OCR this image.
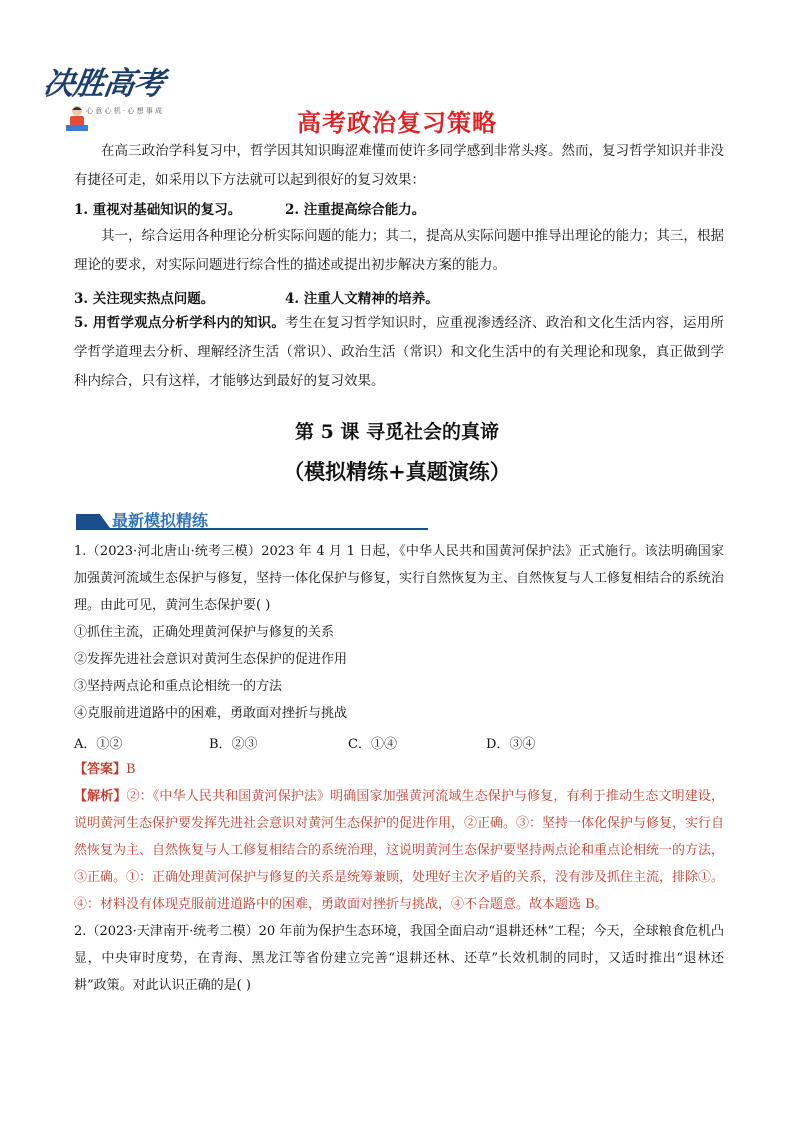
决胜高考
心 意 心 机 · 心 想 事 成	高考政治复习策略

在高三政治学科复习中，哲学因其知识晦涩难懂而使许多同学感到非常头疼。然而，复习哲学知识并非没有捷径可走，如采用以下方法就可以起到很好的复习效果：

1. 重视对基础知识的复习。	2. 注重提高综合能力。

其一，综合运用各种理论分析实际问题的能力；其二，提高从实际问题中推导出理论的能力；其三，根据理论的要求，对实际问题进行综合性的描述或提出初步解决方案的能力。

3. 关注现实热点问题。	4. 注重人文精神的培养。

5. 用哲学观点分析学科内的知识。考生在复习哲学知识时，应重视渗透经济、政治和文化生活内容，运用所学哲学道理去分析、理解经济生活（常识）、政治生活（常识）和文化生活中的有关理论和现象，真正做到学科内综合，只有这样，才能够达到最好的复习效果。

第 5 课 寻觅社会的真谛
（模拟精练+真题演练）
最新模拟精练

1.（2023·河北唐山·统考三模）2023 年 4 月 1 日起，《中华人民共和国黄河保护法》正式施行。该法明确国家加强黄河流域生态保护与修复，坚持一体化保护与修复，实行自然恢复为主、自然恢复与人工修复相结合的系统治理。由此可见，黄河生态保护要( )

①抓住主流，正确处理黄河保护与修复的关系
②发挥先进社会意识对黄河生态保护的促进作用
③坚持两点论和重点论相统一的方法
④克服前进道路中的困难，勇敢面对挫折与挑战
A．①②	B．②③	C．①④	D．③④
【答案】B

【解析】②：《中华人民共和国黄河保护法》明确国家加强黄河流域生态保护与修复，有利于推动生态文明建设，说明黄河生态保护要发挥先进社会意识对黄河生态保护的促进作用，②正确。③：坚持一体化保护与修复，实行自然恢复为主、自然恢复与人工修复相结合的系统治理，这说明黄河生态保护要坚持两点论和重点论相统一的方法，③正确。①：正确处理黄河保护与修复的关系是统筹兼顾，处理好主次矛盾的关系，没有涉及抓住主流，排除①。④：材料没有体现克服前进道路中的困难，勇敢面对挫折与挑战，④不合题意。故本题选 B。

2.（2023·天津南开·统考二模）20 年前为保护生态环境，我国全面启动“退耕还林”工程；今天，全球粮食危机凸显，中央审时度势，在青海、黑龙江等省份建立完善“退耕还林、还草”长效机制的同时，又适时推出“退林还耕”政策。对此认识正确的是( )
